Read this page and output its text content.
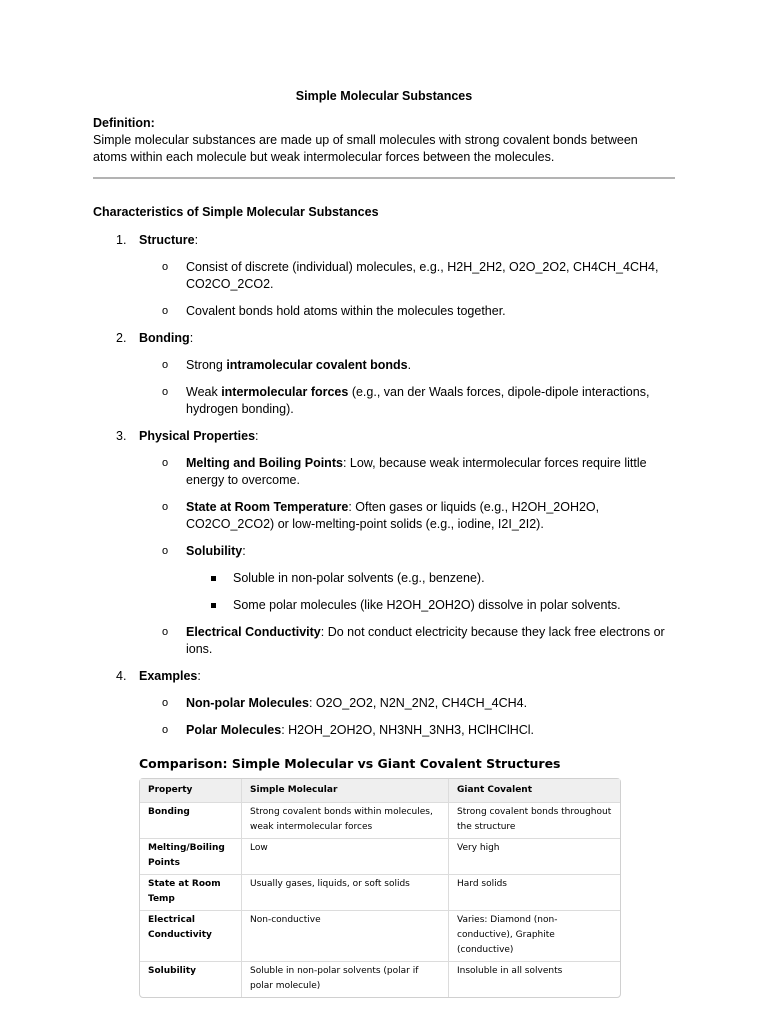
Simple Molecular Substances

Definition:

Simple molecular substances are made up of small molecules with strong covalent bonds between atoms within each molecule but weak intermolecular forces between the molecules.

Characteristics of Simple Molecular Substances

1. Structure:
o Consist of discrete (individual) molecules, e.g., H2H_2H2, O2O_2O2, CH4CH_4CH4, CO2CO_2CO2.
o Covalent bonds hold atoms within the molecules together.
2. Bonding:
o Strong intramolecular covalent bonds.
o Weak intermolecular forces (e.g., van der Waals forces, dipole-dipole interactions, hydrogen bonding).
3. Physical Properties:
o Melting and Boiling Points: Low, because weak intermolecular forces require little energy to overcome.
o State at Room Temperature: Often gases or liquids (e.g., H2OH_2OH2O, CO2CO_2CO2) or low-melting-point solids (e.g., iodine, I2I_2I2).
o Solubility:
Soluble in non-polar solvents (e.g., benzene).
Some polar molecules (like H2OH_2OH2O) dissolve in polar solvents.
o Electrical Conductivity: Do not conduct electricity because they lack free electrons or ions.
4. Examples:
o Non-polar Molecules: O2O_2O2, N2N_2N2, CH4CH_4CH4.
o Polar Molecules: H2OH_2OH2O, NH3NH_3NH3, HClHClHCl.

Comparison: Simple Molecular vs Giant Covalent Structures

Property	Simple Molecular	Giant Covalent
Bonding	Strong covalent bonds within molecules, weak intermolecular forces	Strong covalent bonds throughout the structure
Melting/Boiling Points	Low	Very high
State at Room Temp	Usually gases, liquids, or soft solids	Hard solids
Electrical Conductivity	Non-conductive	Varies: Diamond (non-conductive), Graphite (conductive)
Solubility	Soluble in non-polar solvents (polar if polar molecule)	Insoluble in all solvents
